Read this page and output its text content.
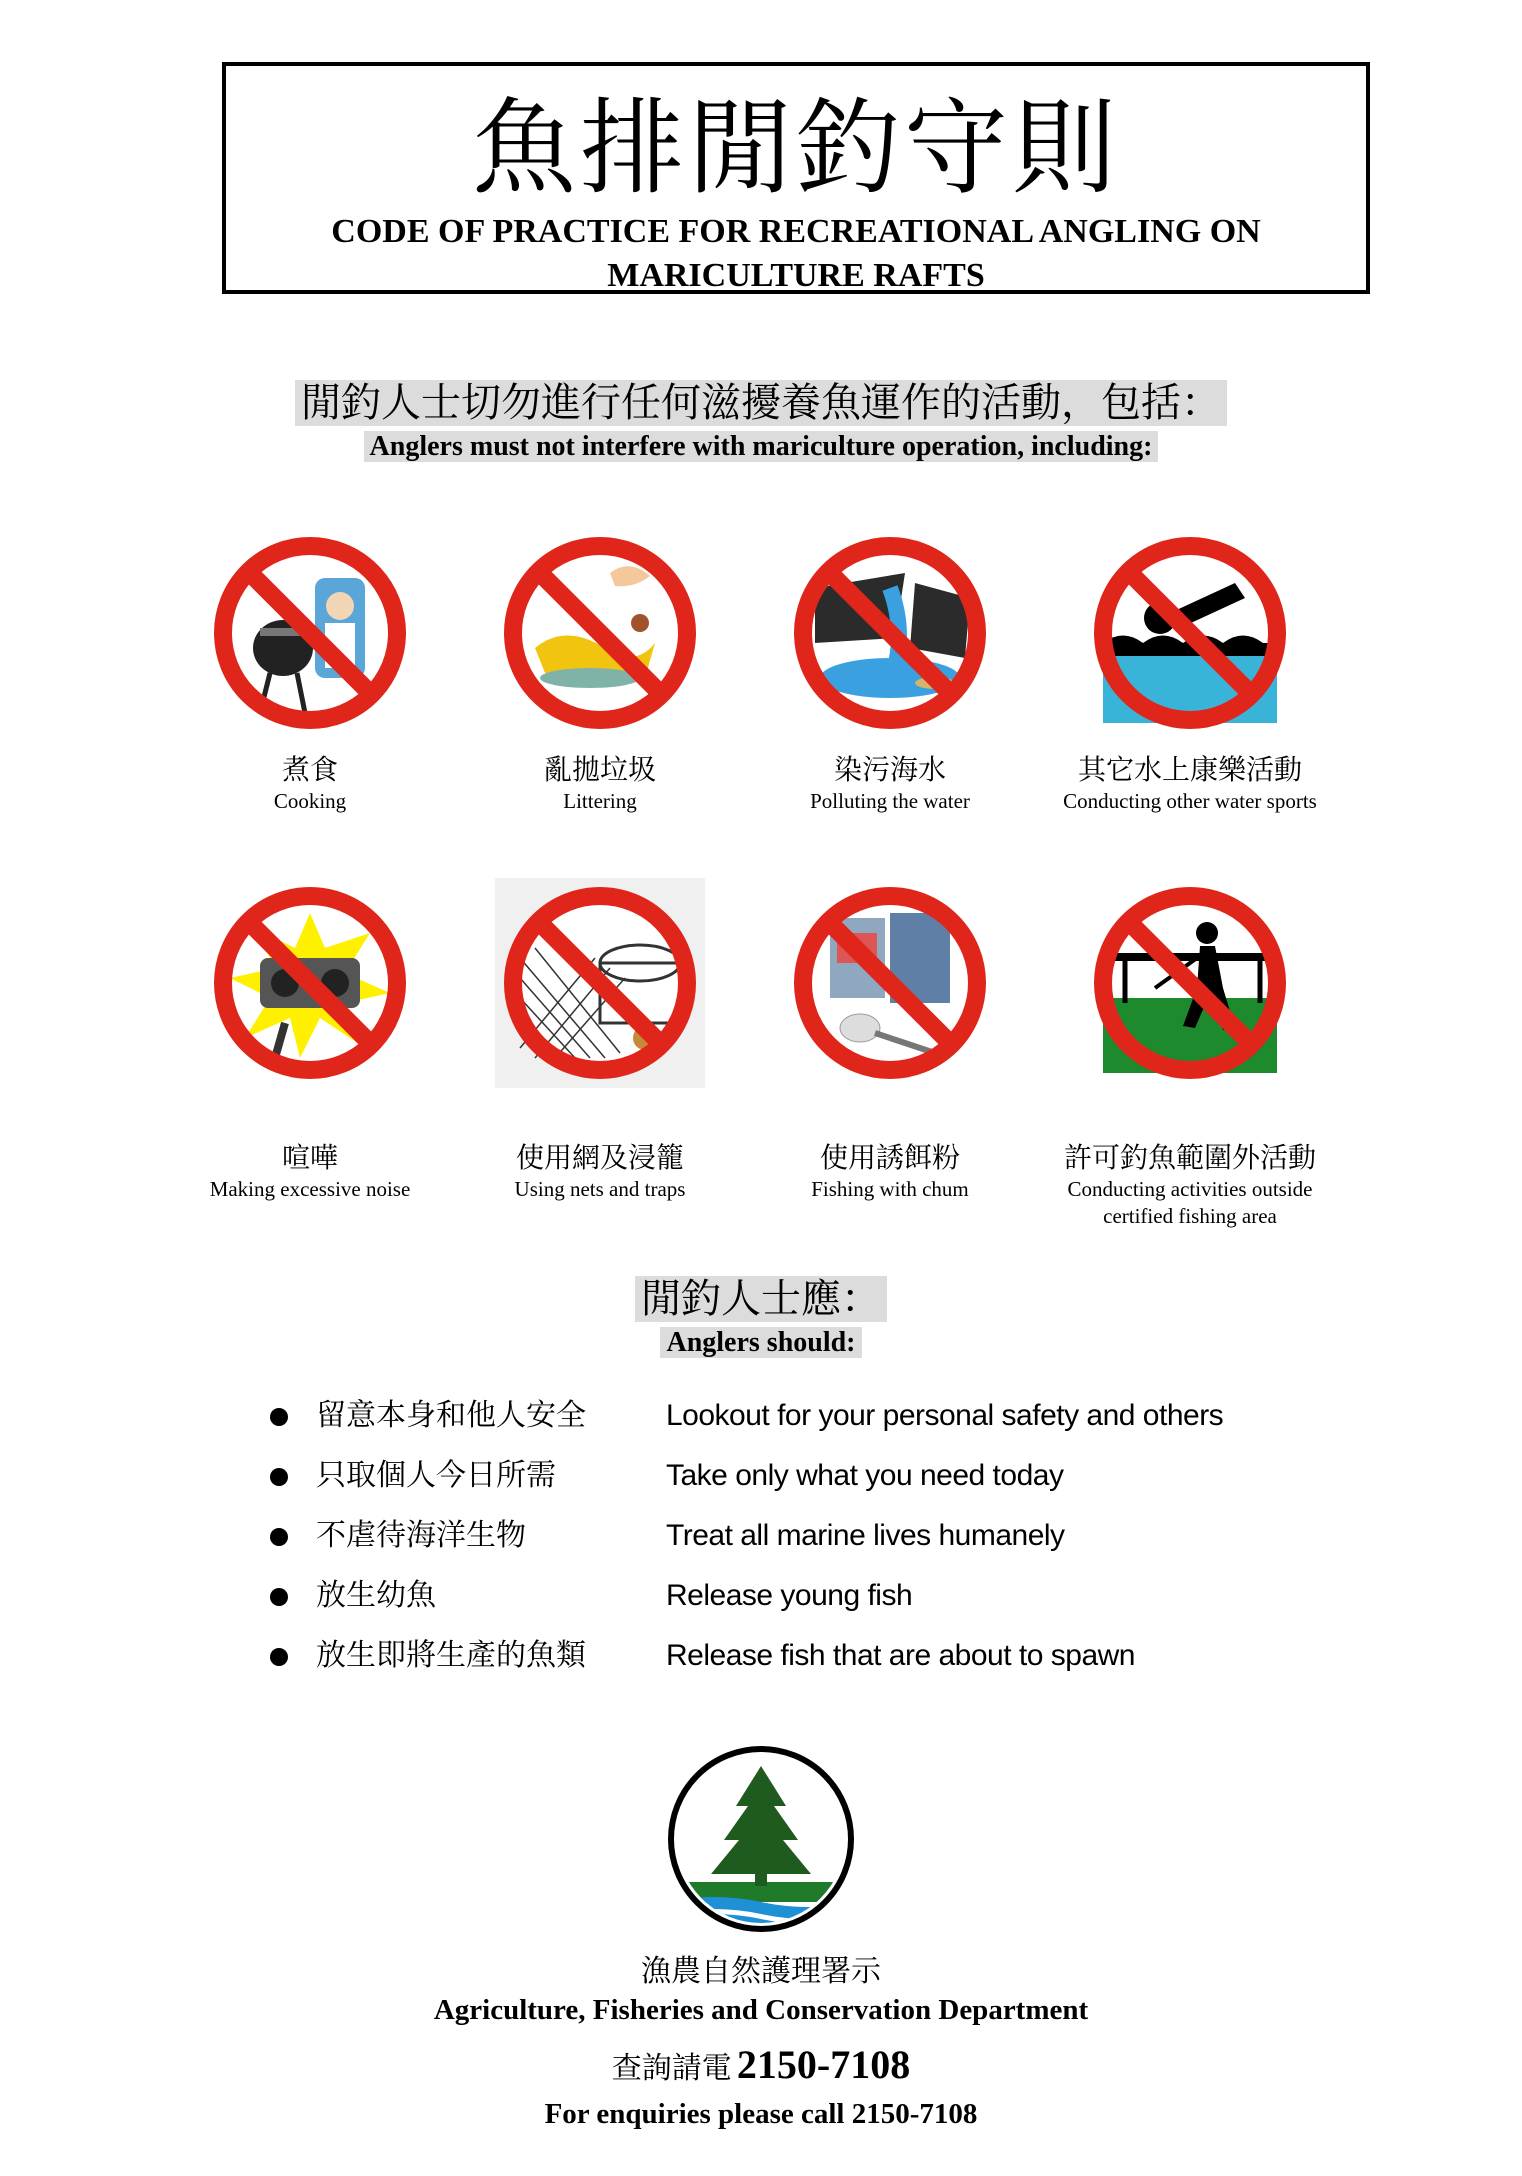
魚排閒釣守則
CODE OF PRACTICE FOR RECREATIONAL ANGLING ON
MARICULTURE RAFTS
閒釣人士切勿進行任何滋擾養魚運作的活動，包括：
Anglers must not interfere with mariculture operation, including:
煮食
Cooking
亂拋垃圾
Littering
染污海水
Polluting the water
其它水上康樂活動
Conducting other water sports
喧嘩
Making excessive noise
使用網及浸籠
Using nets and traps
使用誘餌粉
Fishing with chum
許可釣魚範圍外活動
Conducting activities outside
certified fishing area
閒釣人士應：
Anglers should:
留意本身和他人安全	Lookout for your personal safety and others
只取個人今日所需	Take only what you need today
不虐待海洋生物	Treat all marine lives humanely
放生幼魚	Release young fish
放生即將生產的魚類	Release fish that are about to spawn
漁農自然護理署示
Agriculture, Fisheries and Conservation Department
查詢請電 2150-7108
For enquiries please call 2150-7108
